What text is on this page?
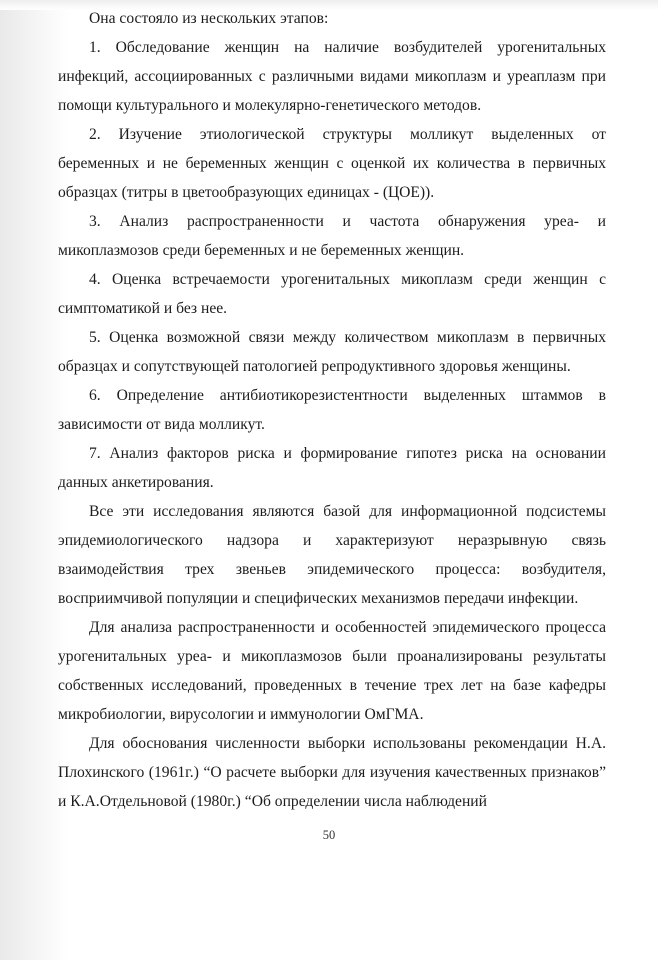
Она состояло из нескольких этапов:

1. Обследование женщин на наличие возбудителей урогенитальных инфекций, ассоциированных с различными видами микоплазм и уреаплазм при помощи культурального и молекулярно-генетического методов.

2. Изучение этиологической структуры молликут выделенных от беременных и не беременных женщин с оценкой их количества в первичных образцах (титры в цветообразующих единицах - (ЦОЕ)).

3. Анализ распространенности и частота обнаружения уреа- и микоплазмозов среди беременных и не беременных женщин.

4. Оценка встречаемости урогенитальных микоплазм среди женщин с симптоматикой и без нее.

5. Оценка возможной связи между количеством микоплазм в первичных образцах и сопутствующей патологией репродуктивного здоровья женщины.

6. Определение антибиотикорезистентности выделенных штаммов в зависимости от вида молликут.

7. Анализ факторов риска и формирование гипотез риска на основании данных анкетирования.

Все эти исследования являются базой для информационной подсистемы эпидемиологического надзора и характеризуют неразрывную связь взаимодействия трех звеньев эпидемического процесса: возбудителя, восприимчивой популяции и специфических механизмов передачи инфекции.

Для анализа распространенности и особенностей эпидемического процесса урогенитальных уреа- и микоплазмозов были проанализированы результаты собственных исследований, проведенных в течение трех лет на базе кафедры микробиологии, вирусологии и иммунологии ОмГМА.

Для обоснования численности выборки использованы рекомендации Н.А. Плохинского (1961г.) “О расчете выборки для изучения качественных признаков” и К.А.Отдельновой (1980г.) “Об определении числа наблюдений

50
